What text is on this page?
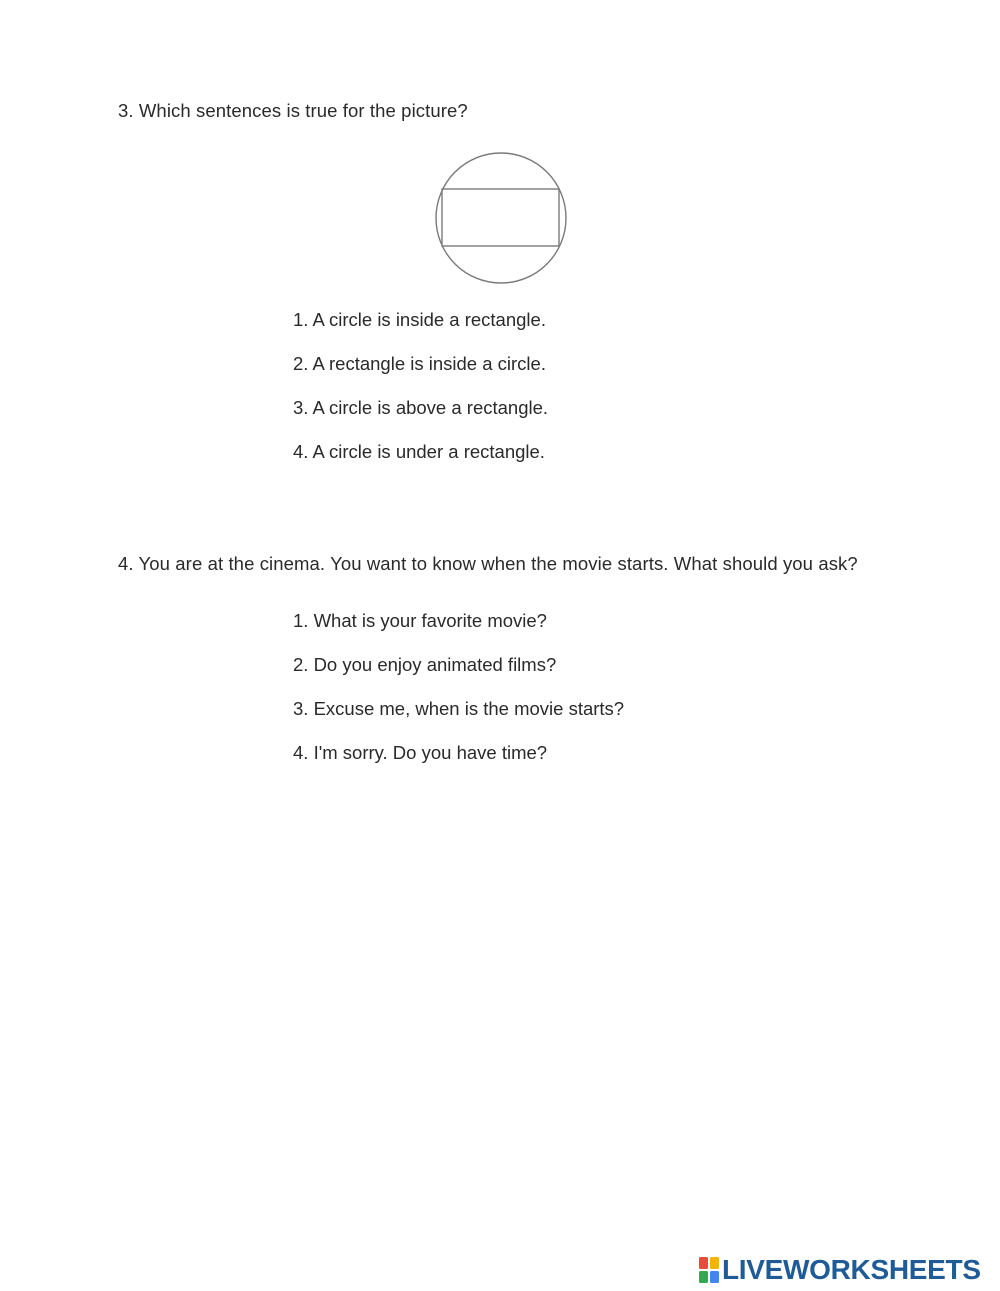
3. Which sentences is true for the picture?
1. A circle is inside a rectangle.
2. A rectangle is inside a circle.
3. A circle is above a rectangle.
4. A circle is under a rectangle.
4. You are at the cinema. You want to know when the movie starts. What should you ask?
1. What is your favorite movie?
2. Do you enjoy animated films?
3. Excuse me, when is the movie starts?
4. I'm sorry. Do you have time?
LIVEWORKSHEETS
